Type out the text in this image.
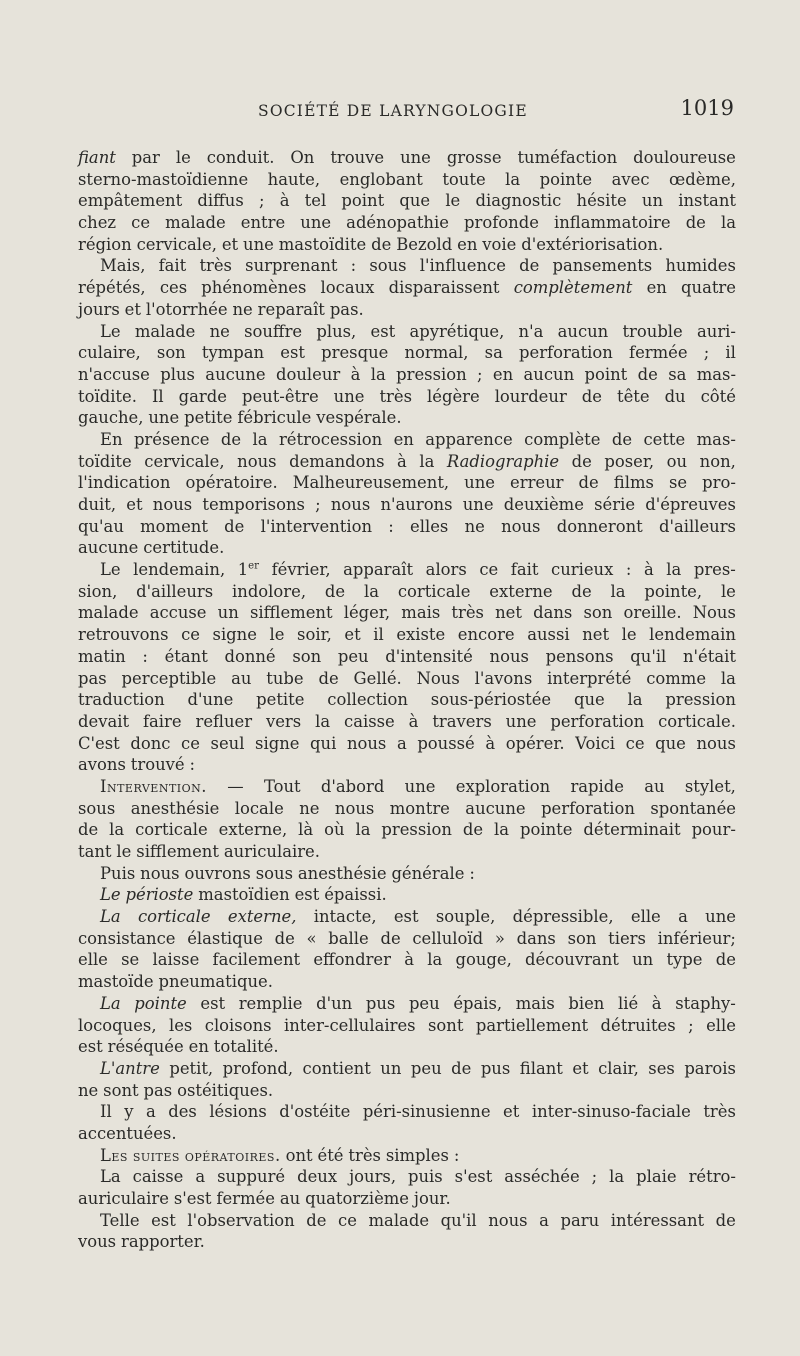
SOCIÉTÉ DE LARYNGOLOGIE	1019
fiant par le conduit. On trouve une grosse tuméfaction douloureuse
sterno-mastoïdienne haute, englobant toute la pointe avec œdème,
empâtement diffus ; à tel point que le diagnostic hésite un instant
chez ce malade entre une adénopathie profonde inflammatoire de la
région cervicale, et une mastoïdite de Bezold en voie d'extériorisation.
Mais, fait très surprenant : sous l'influence de pansements humides
répétés, ces phénomènes locaux disparaissent complètement en quatre
jours et l'otorrhée ne reparaît pas.
Le malade ne souffre plus, est apyrétique, n'a aucun trouble auri-
culaire, son tympan est presque normal, sa perforation fermée ; il
n'accuse plus aucune douleur à la pression ; en aucun point de sa mas-
toïdite. Il garde peut-être une très légère lourdeur de tête du côté
gauche, une petite fébricule vespérale.
En présence de la rétrocession en apparence complète de cette mas-
toïdite cervicale, nous demandons à la Radiographie de poser, ou non,
l'indication opératoire. Malheureusement, une erreur de films se pro-
duit, et nous temporisons ; nous n'aurons une deuxième série d'épreuves
qu'au moment de l'intervention : elles ne nous donneront d'ailleurs
aucune certitude.
Le lendemain, 1er février, apparaît alors ce fait curieux : à la pres-
sion, d'ailleurs indolore, de la corticale externe de la pointe, le
malade accuse un sifflement léger, mais très net dans son oreille. Nous
retrouvons ce signe le soir, et il existe encore aussi net le lendemain
matin : étant donné son peu d'intensité nous pensons qu'il n'était
pas perceptible au tube de Gellé. Nous l'avons interprété comme la
traduction d'une petite collection sous-périostée que la pression
devait faire refluer vers la caisse à travers une perforation corticale.
C'est donc ce seul signe qui nous a poussé à opérer. Voici ce que nous
avons trouvé :
Intervention. — Tout d'abord une exploration rapide au stylet,
sous anesthésie locale ne nous montre aucune perforation spontanée
de la corticale externe, là où la pression de la pointe déterminait pour-
tant le sifflement auriculaire.
Puis nous ouvrons sous anesthésie générale :
Le périoste mastoïdien est épaissi.
La corticale externe, intacte, est souple, dépressible, elle a une
consistance élastique de « balle de celluloïd » dans son tiers inférieur;
elle se laisse facilement effondrer à la gouge, découvrant un type de
mastoïde pneumatique.
La pointe est remplie d'un pus peu épais, mais bien lié à staphy-
locoques, les cloisons inter-cellulaires sont partiellement détruites ; elle
est réséquée en totalité.
L'antre petit, profond, contient un peu de pus filant et clair, ses parois
ne sont pas ostéitiques.
Il y a des lésions d'ostéite péri-sinusienne et inter-sinuso-faciale très
accentuées.
Les suites opératoires. ont été très simples :
La caisse a suppuré deux jours, puis s'est asséchée ; la plaie rétro-
auriculaire s'est fermée au quatorzième jour.
Telle est l'observation de ce malade qu'il nous a paru intéressant de
vous rapporter.
